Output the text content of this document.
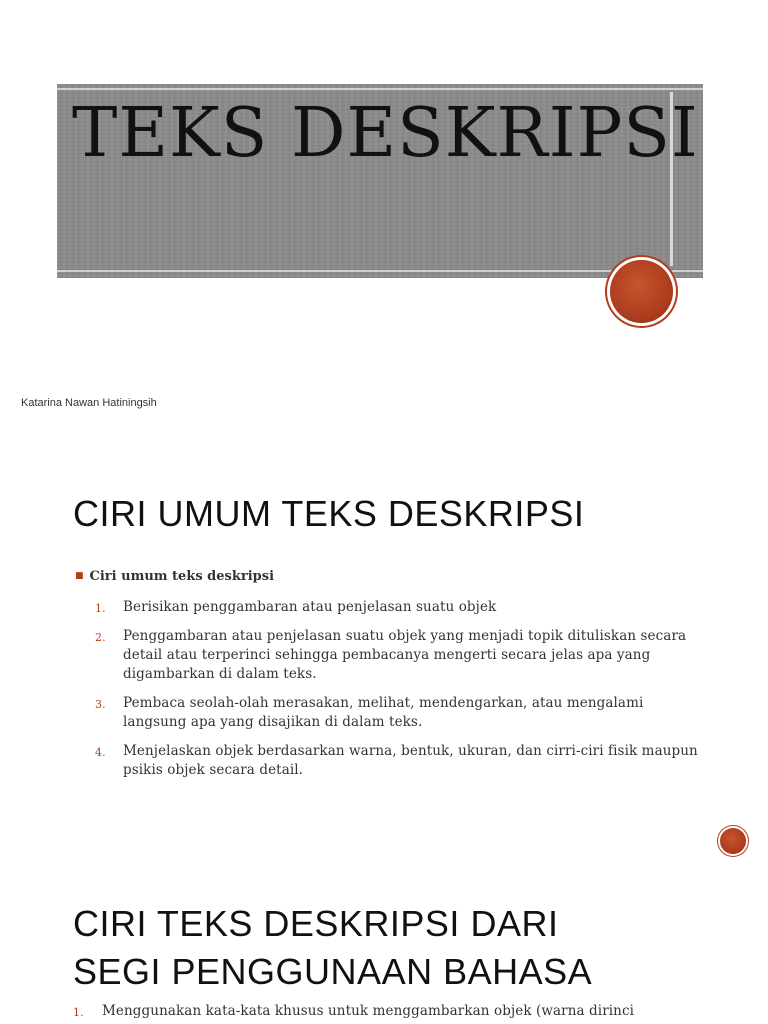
TEKS DESKRIPSI
Katarina Nawan Hatiningsih
CIRI UMUM TEKS DESKRIPSI
■ Ciri umum teks deskripsi
1. Berisikan penggambaran atau penjelasan suatu objek
2. Penggambaran atau penjelasan suatu objek yang menjadi topik dituliskan secara detail atau terperinci sehingga pembacanya mengerti secara jelas apa yang digambarkan di dalam teks.
3. Pembaca seolah-olah merasakan, melihat, mendengarkan, atau mengalami langsung apa yang disajikan di dalam teks.
4. Menjelaskan objek berdasarkan warna, bentuk, ukuran, dan cirri-ciri fisik maupun psikis objek secara detail.
CIRI TEKS DESKRIPSI DARI
SEGI PENGGUNAAN BAHASA
1. Menggunakan kata-kata khusus untuk menggambarkan objek (warna dirinci
